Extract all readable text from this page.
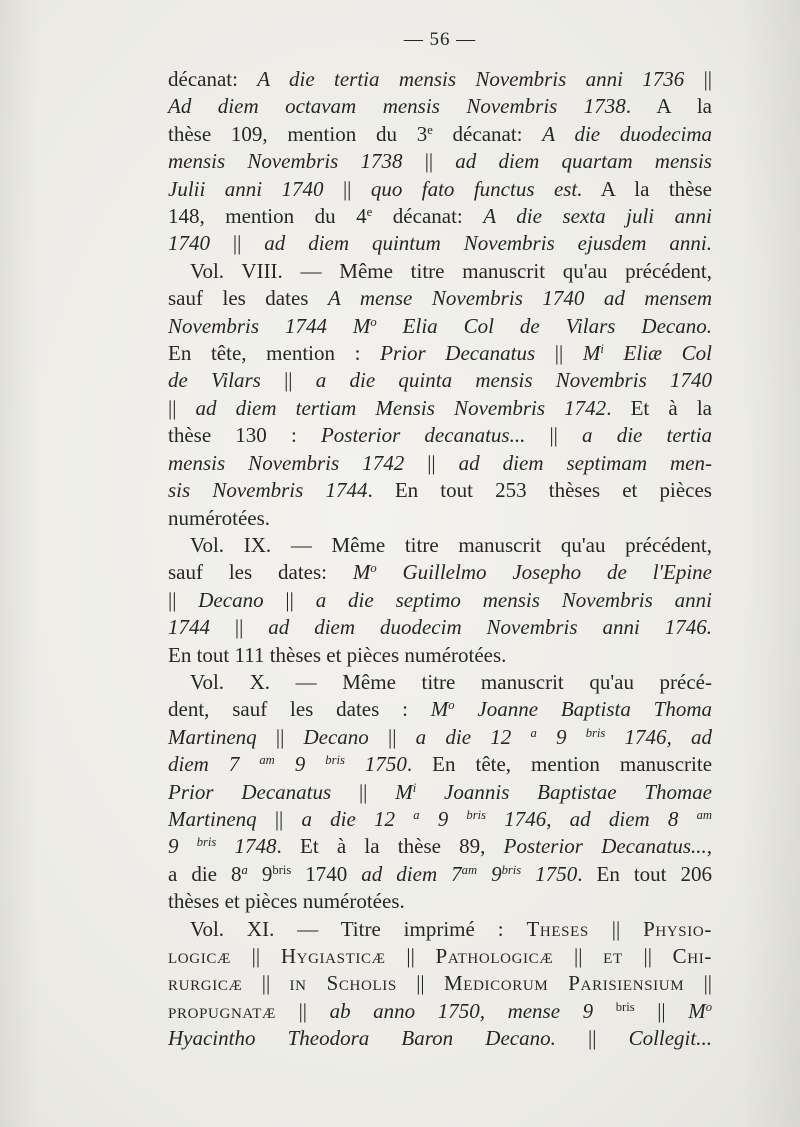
— 56 —
décanat: A die tertia mensis Novembris anni 1736 ||
Ad diem octavam mensis Novembris 1738. A la
thèse 109, mention du 3e décanat: A die duodecima
mensis Novembris 1738 || ad diem quartam mensis
Julii anni 1740 || quo fato functus est. A la thèse
148, mention du 4e décanat: A die sexta juli anni
1740 || ad diem quintum Novembris ejusdem anni.
Vol. VIII. — Même titre manuscrit qu'au précédent,
sauf les dates A mense Novembris 1740 ad mensem
Novembris 1744 $M^o$ Elia Col de Vilars Decano.
En tête, mention : Prior Decanatus || $M^i$ Eliæ Col
de Vilars || a die quinta mensis Novembris 1740
|| ad diem tertiam Mensis Novembris 1742. Et à la
thèse 130 : Posterior decanatus... || a die tertia
mensis Novembris 1742 || ad diem septimam men-
sis Novembris 1744. En tout 253 thèses et pièces
numérotées.
Vol. IX. — Même titre manuscrit qu'au précédent,
sauf les dates: $M^o$ Guillelmo Josepho de l'Epine
|| Decano || a die septimo mensis Novembris anni
1744 || ad diem duodecim Novembris anni 1746.
En tout 111 thèses et pièces numérotées.
Vol. X. — Même titre manuscrit qu'au précé-
dent, sauf les dates : $M^o$ Joanne Baptista Thoma
Martinenq || Decano || a die 12 $^a$ 9 $^{bris}$ 1746, ad
diem 7 $^{am}$ 9 $^{bris}$ 1750. En tête, mention manuscrite
Prior Decanatus || $M^i$ Joannis Baptistae Thomae
Martinenq || a die 12 $^a$ 9 $^{bris}$ 1746, ad diem 8 $^{am}$
9 $^{bris}$ 1748. Et à la thèse 89, Posterior Decanatus...,
a die 8$^a$ $9^{bris}$ 1740 ad diem $7^{am}$ $9^{bris}$ 1750. En tout 206
thèses et pièces numérotées.
Vol. XI. — Titre imprimé : Theses || Physio-
logicæ || Hygiasticæ || Pathologicæ || et || Chi-
rurgicæ || in Scholis || Medicorum Parisiensium ||
propugnatæ || ab anno 1750, mense 9 $^{bris}$ || $M^o$
Hyacintho Theodora Baron Decano. || Collegit...
